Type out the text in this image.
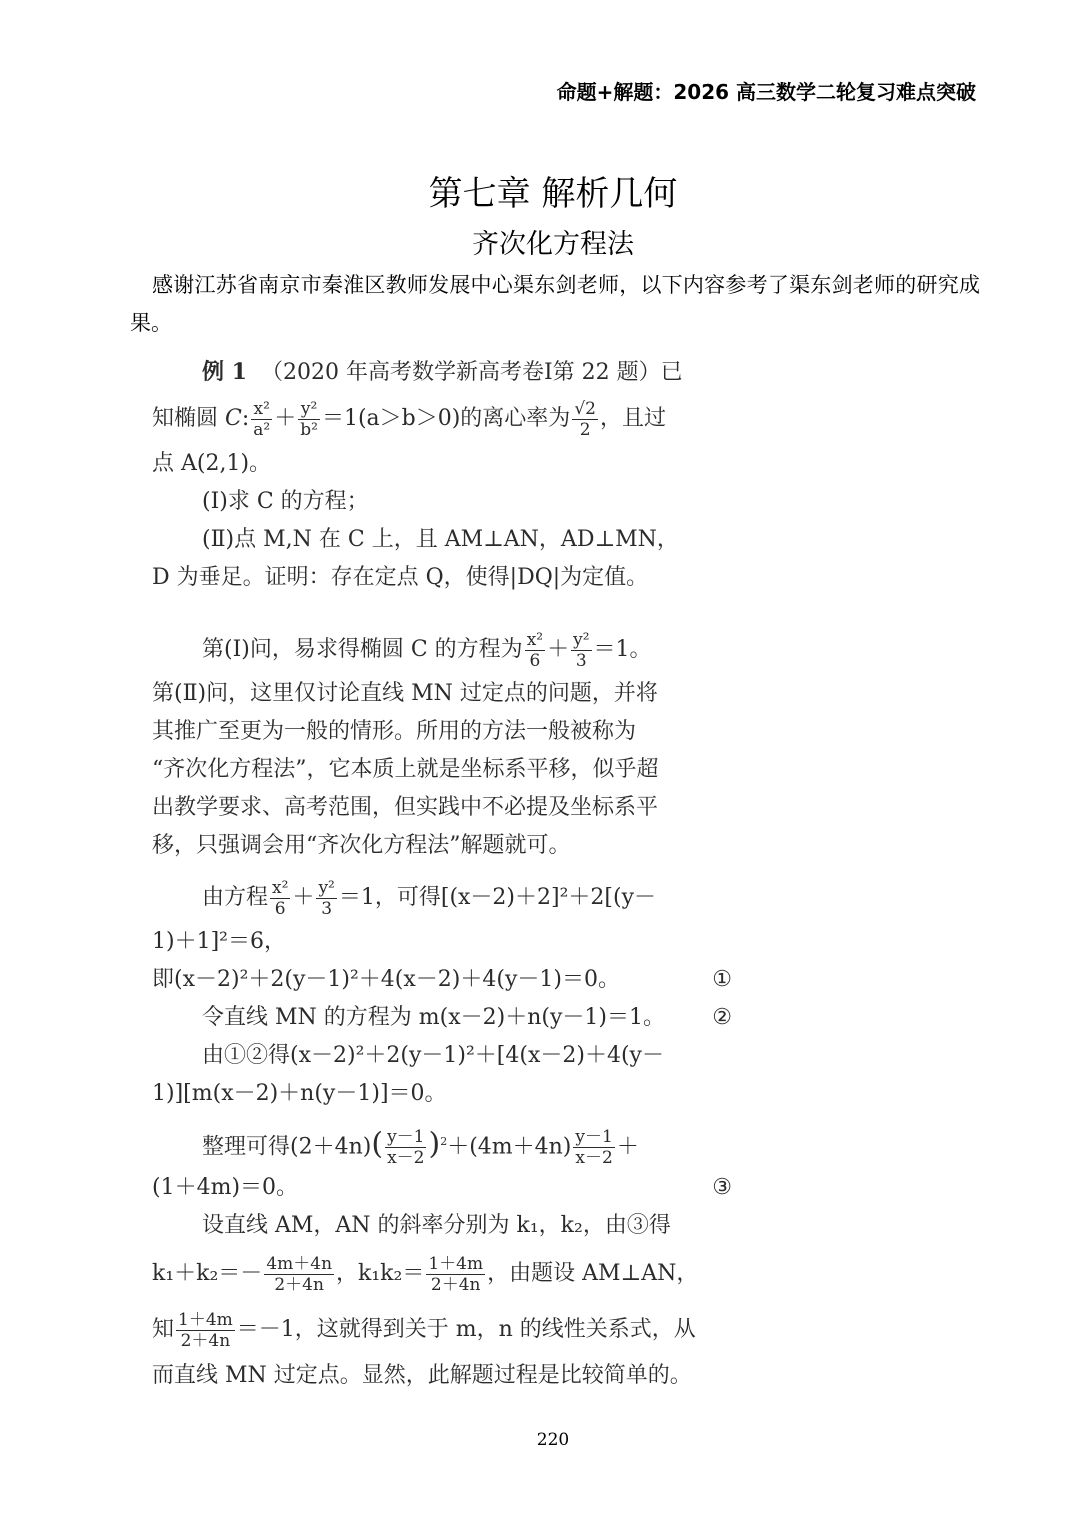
命题+解题：2026 高三数学二轮复习难点突破
第七章 解析几何
齐次化方程法
感谢江苏省南京市秦淮区教师发展中心渠东剑老师，以下内容参考了渠东剑老师的研究成果。
例 1 （2020 年高考数学新高考卷Ⅰ第 22 题）已
知椭圆 C: $\frac{\text{x²}}{\text{a²}} + \frac{\text{y²}}{\text{b²}} =1(a>b>0)$的离心率为 $\frac{√2}{2}$ ，且过
点 A(2,1)。
(Ⅰ)求 C 的方程；
(Ⅱ)点 M,N 在 C 上，且 AM⊥AN，AD⊥MN，
D 为垂足。证明：存在定点 Q，使得|DQ|为定值。
第(Ⅰ)问，易求得椭圆 C 的方程为 $\frac{\text{x²}}{6} + \frac{\text{y²}}{3} =1$。
第(Ⅱ)问，这里仅讨论直线 MN 过定点的问题，并将
其推广至更为一般的情形。所用的方法一般被称为
“齐次化方程法”，它本质上就是坐标系平移，似乎超
出教学要求、高考范围，但实践中不必提及坐标系平
移，只强调会用“齐次化方程法”解题就可。
由方程 $\frac{\text{x²}}{6} + \frac{\text{y²}}{3} =1$，可得[(x－2)＋2]²＋2[(y－
1)＋1]²＝6，
即(x－2)²＋2(y－1)²＋4(x－2)＋4(y－1)＝0。	①
令直线 MN 的方程为 m(x－2)＋n(y－1)＝1。 ②
由①②得(x－2)²＋2(y－1)²＋[4(x－2)＋4(y－
1)][m(x－2)＋n(y－1)]＝0。
整理可得$(2+4n)( \frac{y-1}{x-2} )^2+(4m+4n) \frac{y-1}{x-2}$ ＋
(1＋4m)＝0。	③
设直线 AM，AN 的斜率分别为 k₁，k₂，由③得
$k_1+k_2=- \frac{4m+4n}{2+4n}$ ，$k_1k_2= \frac{1+4m}{2+4n}$ ，由题设 AM⊥AN，
知 $\frac{1+4m}{2+4n} =-1$，这就得到关于 m，n 的线性关系式，从
而直线 MN 过定点。显然，此解题过程是比较简单的。
220
